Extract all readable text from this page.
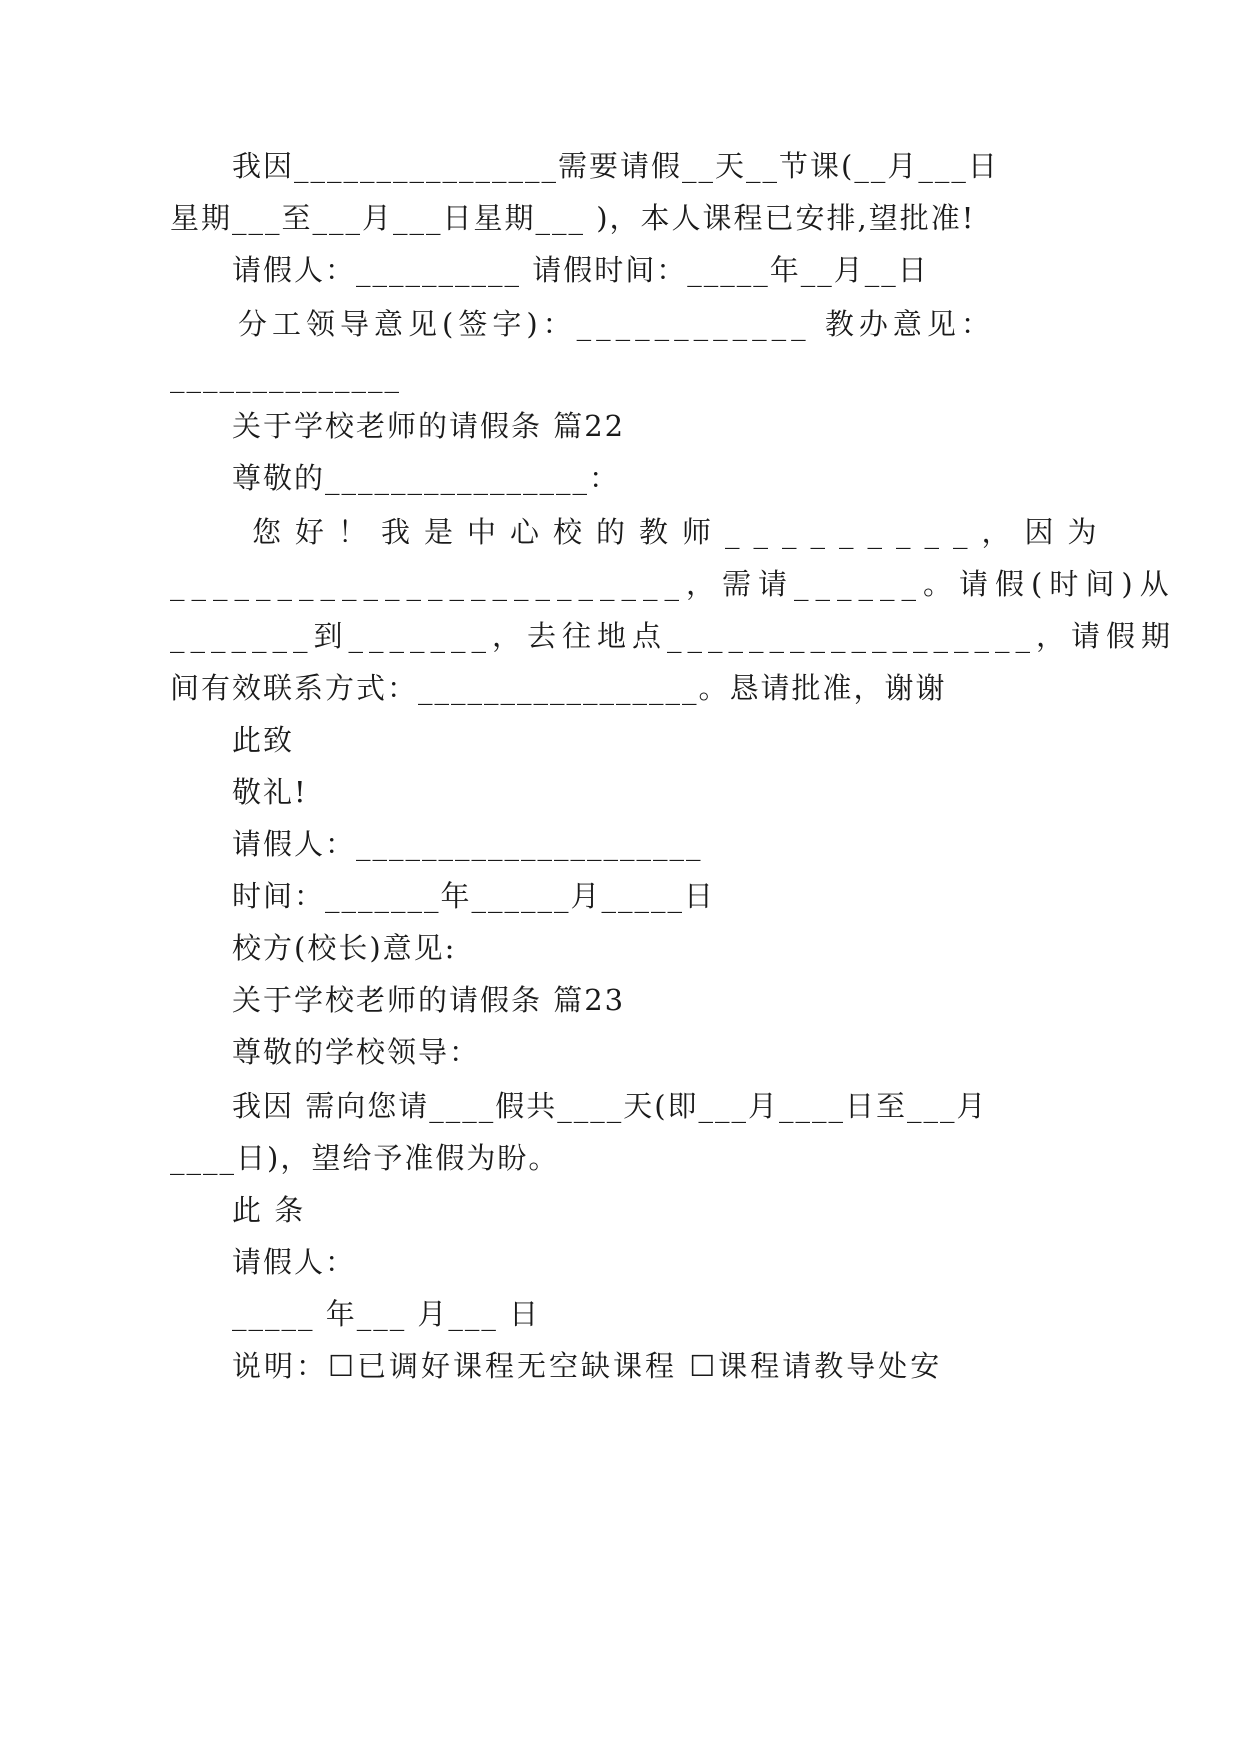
我因________________需要请假__天__节课(__月___日
星期___至___月___日星期___ )，本人课程已安排,望批准!
请假人：__________ 请假时间：_____年__月__日
分工领导意见(签字)：____________ 教办意见：
______________
关于学校老师的请假条 篇22
尊敬的________________：
您好！我是中心校的教师_________，因为
________________________，需请______。请假(时间)从
_______到_______，去往地点__________________，请假期
间有效联系方式：_________________。恳请批准，谢谢
此致
敬礼!
请假人：_____________________
时间：_______年______月_____日
校方(校长)意见:
关于学校老师的请假条 篇23
尊敬的学校领导：
我因 需向您请____假共____天(即___月____日至___月
____日)，望给予准假为盼。
此 条
请假人：
_____ 年___ 月___ 日
说明：☐已调好课程无空缺课程 ☐课程请教导处安
